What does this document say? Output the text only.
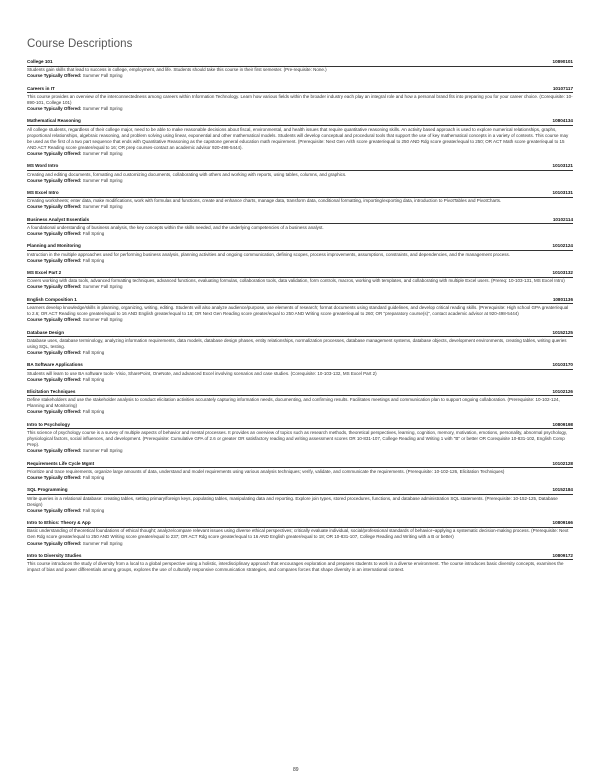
Course Descriptions
College 101	10890101
Students gain skills that lead to success in college, employment, and life. Students should take this course in their first semester. (Pre-requisite: None.)
Course Typically Offered: Summer Fall Spring
Careers in IT	10107117
This course provides an overview of the interconnectedness among careers within Information Technology. Learn how various fields within the broader industry each play an integral role and how a personal brand fits into preparing you for your career choice. (Corequisite: 10-890-101, College 101)
Course Typically Offered: Summer Fall Spring
Mathematical Reasoning	10804134
All college students, regardless of their college major, need to be able to make reasonable decisions about fiscal, environmental, and health issues that require quantitative reasoning skills. An activity based approach is used to explore numerical relationships, graphs, proportional relationships, algebraic reasoning, and problem solving using linear, exponential and other mathematical models. Students will develop conceptual and procedural tools that support the use of key mathematical concepts in a variety of contexts. This course may be used as the first of a two part sequence that ends with Quantitative Reasoning as the capstone general education math requirement. (Prerequisite: Next Gen Arith score greater/equal to 250 AND Rdg score greater/equal to 250; OR ACT Math score greater/equal to 15 AND ACT Reading score greater/equal to 16; OR prep courses-contact an academic advisor 920-498-5444).
Course Typically Offered: Summer Fall Spring
MS Word Intro	10103121
Creating and editing documents, formatting and customizing documents, collaborating with others and working with reports, using tables, columns, and graphics.
Course Typically Offered: Summer Fall Spring
MS Excel Intro	10103131
Creating worksheets; enter data, make modifications, work with formulas and functions, create and enhance charts, manage data, transform data, conditional formatting, importing/exporting data, introduction to PivotTables and PivotCharts.
Course Typically Offered: Summer Fall Spring
Business Analyst Essentials	10102114
A foundational understanding of business analysis, the key concepts within the skills needed, and the underlying competencies of a business analyst.
Course Typically Offered: Fall Spring
Planning and Monitoring	10102124
Instruction in the multiple approaches used for performing business analysis, planning activities and ongoing communication, defining scopes, process improvements, assumptions, constraints, and dependencies, and the management process.
Course Typically Offered: Fall Spring
MS Excel Part 2	10103132
Covers working with data tools, advanced formatting techniques, advanced functions, evaluating formulas, collaboration tools, data validation, form controls, macros, working with templates, and collaborating with multiple Excel users. (Prereq: 10-103-131, MS Excel Intro)
Course Typically Offered: Summer Fall Spring
English Composition 1	10801136
Learners develop knowledge/skills in planning, organizing, writing, editing. Students will also analyze audience/purpose, use elements of research; format documents using standard guidelines, and develop critical reading skills. (Prerequisite: High school GPA greater/equal to 2.6; OR ACT Reading score greater/equal to 16 AND English greater/equal to 18; OR Next Gen Reading score greater/equal to 250 AND Writing score greater/equal to 260; OR "preparatory course(s)", contact academic advisor at 920-498-5444)
Course Typically Offered: Summer Fall Spring
Database Design	10152125
Database uses, database terminology, analyzing information requirements, data models, database design phases, entity relationships, normalization processes, database management systems, database objects, development environments, creating tables, writing queries using SQL, testing.
Course Typically Offered: Fall Spring
BA Software Applications	10103170
Students will learn to use BA software tools- Visio, SharePoint, OneNote, and advanced Excel involving scenarios and case studies. (Corequisite: 10-103-132, MS Excel Part 2)
Course Typically Offered: Fall Spring
Elicitation Techniques	10102126
Define stakeholders and use the stakeholder analysis to conduct elicitation activities accurately capturing information needs, documenting, and confirming results. Facilitates meetings and communication plan to support ongoing collaboration. (Prerequisite: 10-102-124, Planning and Monitoring)
Course Typically Offered: Fall Spring
Intro to Psychology	10809198
This science of psychology course is a survey of multiple aspects of behavior and mental processes. It provides an overview of topics such as research methods, theoretical perspectives, learning, cognition, memory, motivation, emotions, personality, abnormal psychology, physiological factors, social influences, and development. (Prerequisite: Cumulative GPA of 2.6 or greater OR satisfactory reading and writing assessment scores OR 10-831-107, College Reading and Writing 1 with "B" or better OR Corequisite 10-831-102, English Comp Prep).
Course Typically Offered: Summer Fall Spring
Requirements Life Cycle Mgmt	10102128
Prioritize and trace requirements, organize large amounts of data, understand and model requirements using various analysis techniques; verify, validate, and communicate the requirements. (Prerequisite: 10-102-126, Elicitation Techniques)
Course Typically Offered: Fall Spring
SQL Programming	10152184
Write queries in a relational database: creating tables, setting primary/foreign keys, populating tables, manipulating data and reporting. Explore join types, stored procedures, functions, and database administration SQL statements. (Prerequisite: 10-152-125, Database Design)
Course Typically Offered: Fall Spring
Intro to Ethics: Theory & App	10809166
Basic understanding of theoretical foundations of ethical thought; analyze/compare relevant issues using diverse ethical perspectives; critically evaluate individual, social/professional standards of behavior~applying a systematic decision-making process. (Prerequisite: Next Gen Rdg score greater/equal to 250 AND Writing score greater/equal to 237; OR ACT Rdg score greater/equal to 16 AND English greater/equal to 18; OR 10-831-107, College Reading and Writing with a B or better)
Course Typically Offered: Summer Fall Spring
Intro to Diversity Studies	10809172
This course introduces the study of diversity from a local to a global perspective using a holistic, interdisciplinary approach that encourages exploration and prepares students to work in a diverse environment. The course introduces basic diversity concepts, examines the impact of bias and power differentials among groups, explores the use of culturally responsive communication strategies, and compares forces that shape diversity in an international context.
89
